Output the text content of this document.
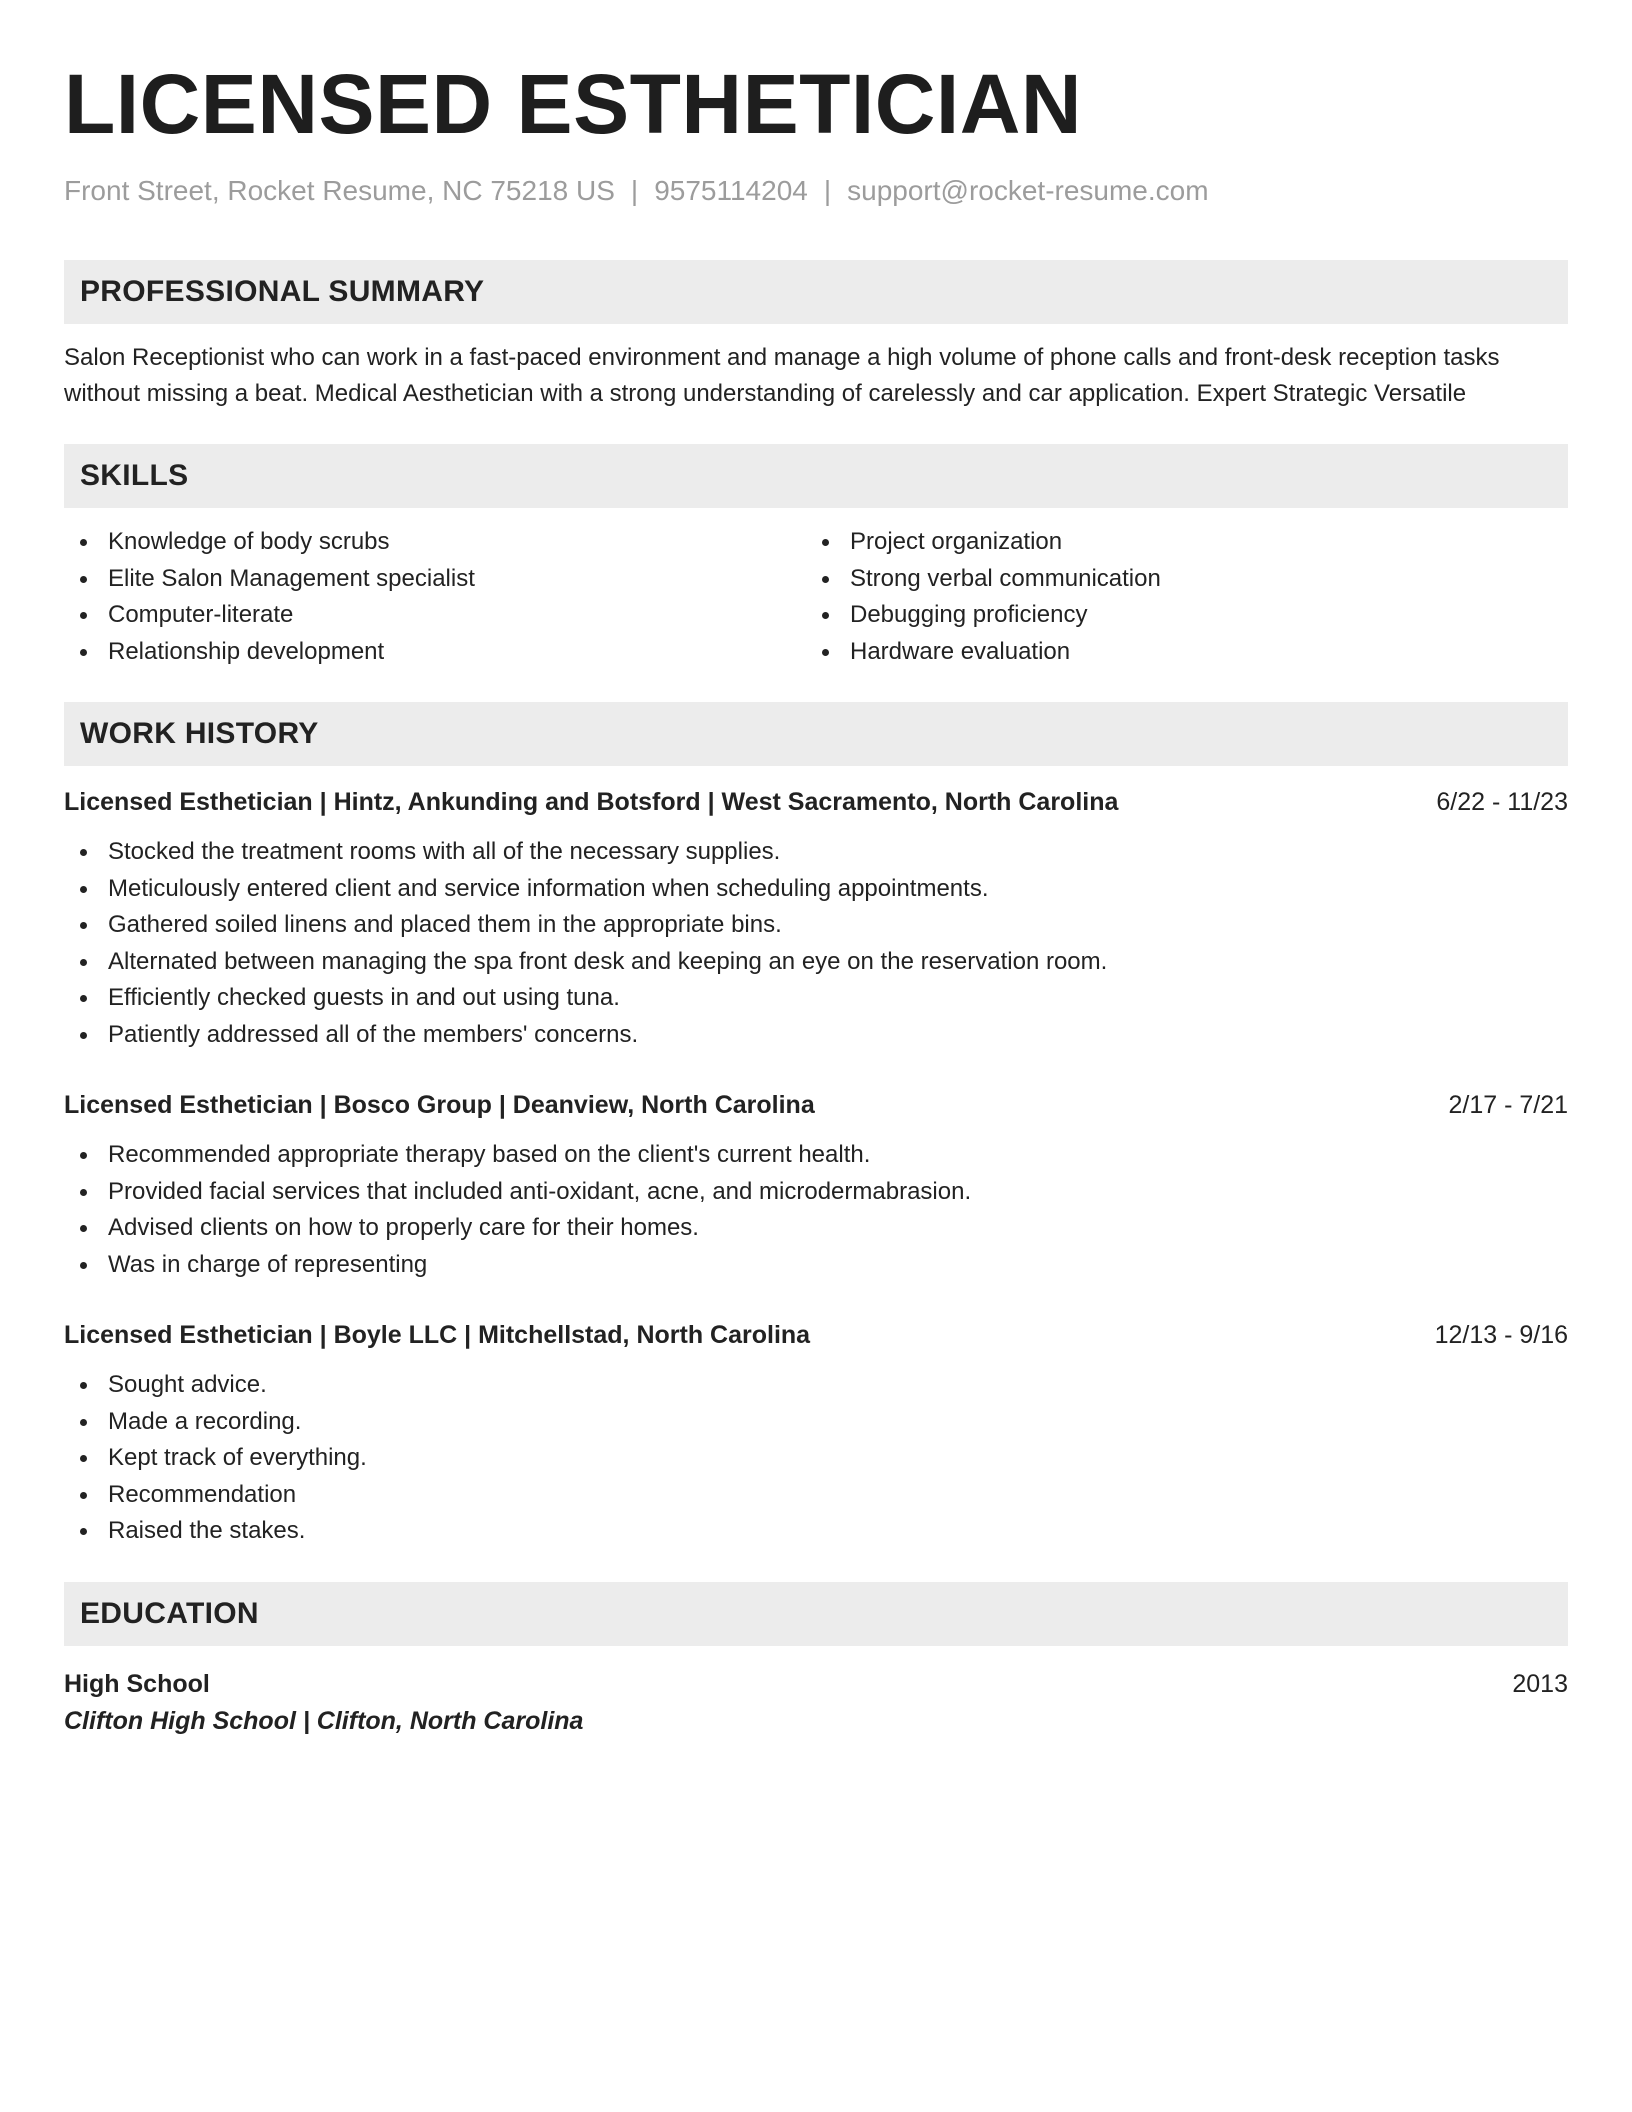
LICENSED ESTHETICIAN
Front Street, Rocket Resume, NC 75218 US | 9575114204 | support@rocket-resume.com
PROFESSIONAL SUMMARY
Salon Receptionist who can work in a fast-paced environment and manage a high volume of phone calls and front-desk reception tasks without missing a beat. Medical Aesthetician with a strong understanding of carelessly and car application. Expert Strategic Versatile
SKILLS
Knowledge of body scrubs
Elite Salon Management specialist
Computer-literate
Relationship development
Project organization
Strong verbal communication
Debugging proficiency
Hardware evaluation
WORK HISTORY
Licensed Esthetician | Hintz, Ankunding and Botsford | West Sacramento, North Carolina	6/22 - 11/23
Stocked the treatment rooms with all of the necessary supplies.
Meticulously entered client and service information when scheduling appointments.
Gathered soiled linens and placed them in the appropriate bins.
Alternated between managing the spa front desk and keeping an eye on the reservation room.
Efficiently checked guests in and out using tuna.
Patiently addressed all of the members' concerns.
Licensed Esthetician | Bosco Group | Deanview, North Carolina	2/17 - 7/21
Recommended appropriate therapy based on the client's current health.
Provided facial services that included anti-oxidant, acne, and microdermabrasion.
Advised clients on how to properly care for their homes.
Was in charge of representing
Licensed Esthetician | Boyle LLC | Mitchellstad, North Carolina	12/13 - 9/16
Sought advice.
Made a recording.
Kept track of everything.
Recommendation
Raised the stakes.
EDUCATION
High School	2013
Clifton High School | Clifton, North Carolina
